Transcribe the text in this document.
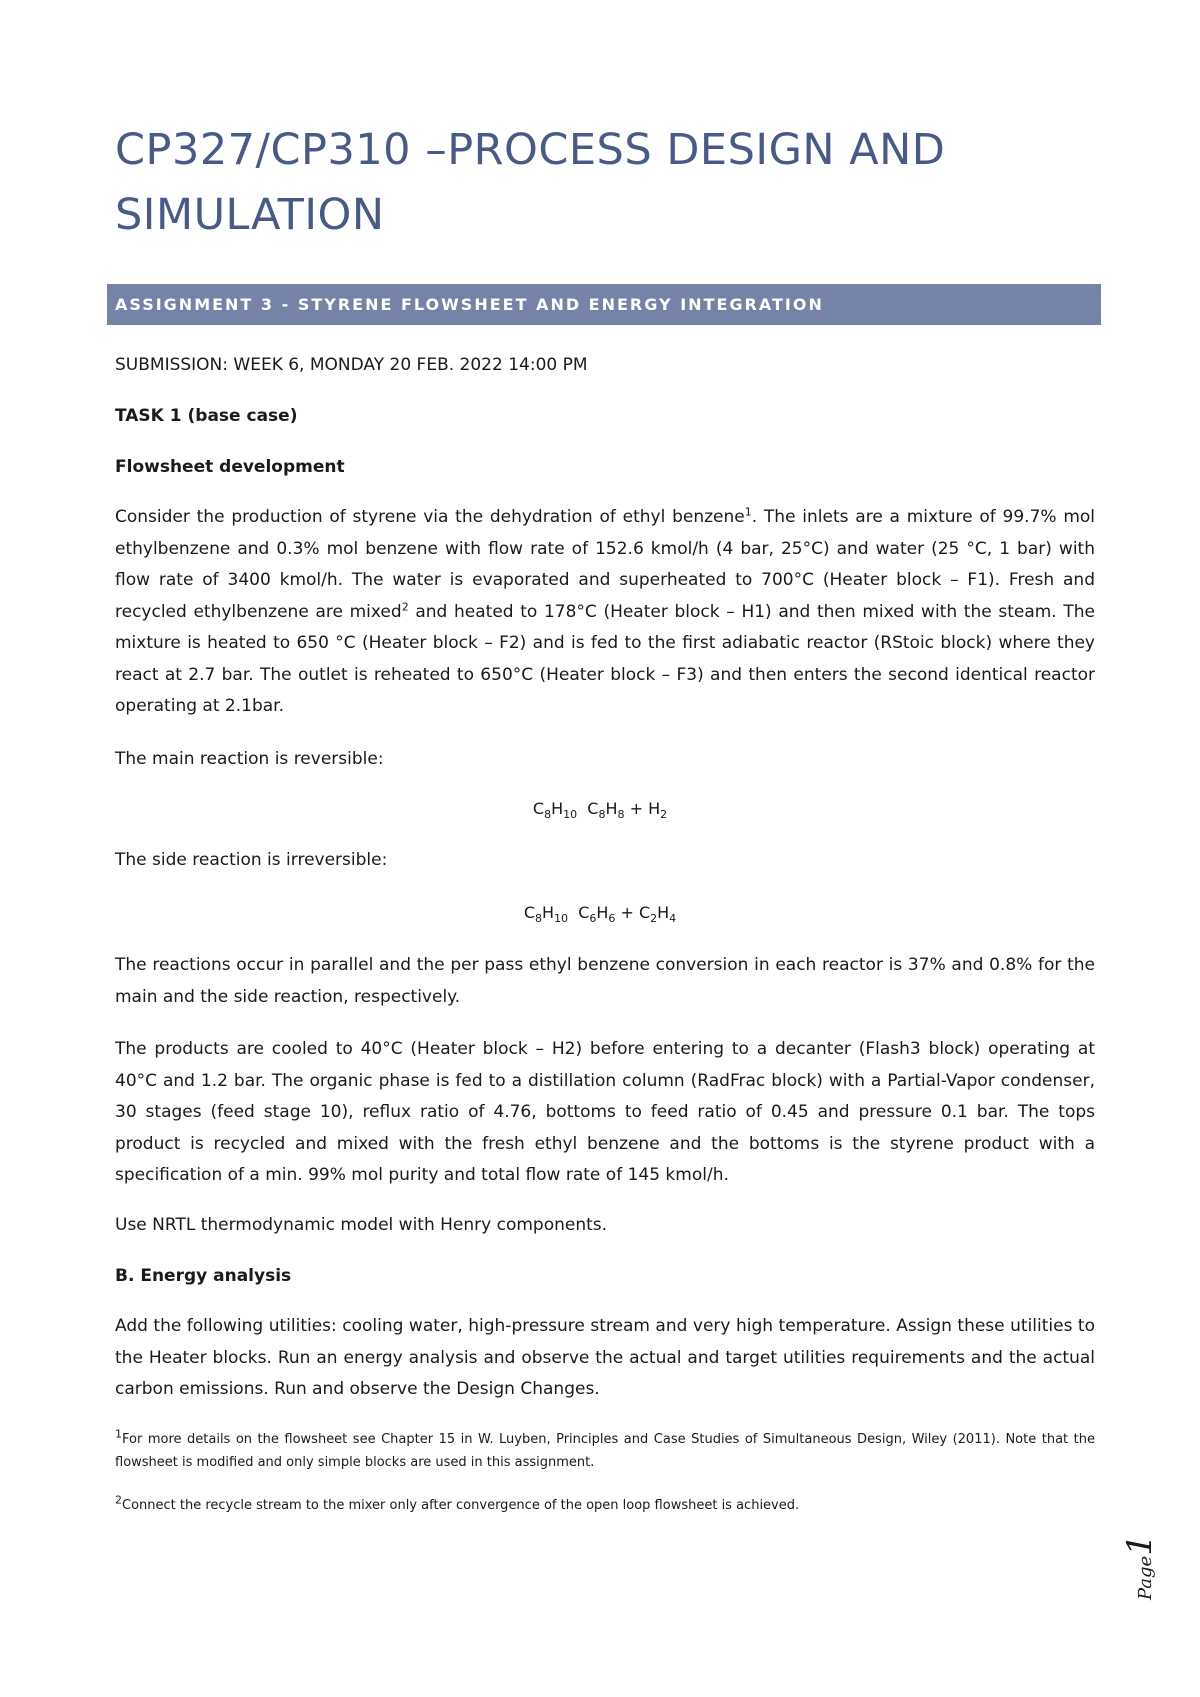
CP327/CP310 –PROCESS DESIGN AND SIMULATION
ASSIGNMENT 3 - STYRENE FLOWSHEET AND ENERGY INTEGRATION
SUBMISSION: WEEK 6, MONDAY 20 FEB. 2022 14:00 PM
TASK 1 (base case)
Flowsheet development

Consider the production of styrene via the dehydration of ethyl benzene$^1$. The inlets are a mixture of 99.7% mol ethylbenzene and 0.3% mol benzene with flow rate of 152.6 kmol/h (4 bar, 25°C) and water (25 °C, 1 bar) with flow rate of 3400 kmol/h. The water is evaporated and superheated to 700°C (Heater block – F1). Fresh and recycled ethylbenzene are mixed$^2$ and heated to 178°C (Heater block – H1) and then mixed with the steam. The mixture is heated to 650 °C (Heater block – F2) and is fed to the first adiabatic reactor (RStoic block) where they react at 2.7 bar. The outlet is reheated to 650°C (Heater block – F3) and then enters the second identical reactor operating at 2.1bar.

The main reaction is reversible:
$C_8H_{10}$ $C_8H_8 + H_2$
The side reaction is irreversible:
$C_8H_{10}$ $C_6H_6 + C_2H_4$

The reactions occur in parallel and the per pass ethyl benzene conversion in each reactor is 37% and 0.8% for the main and the side reaction, respectively.

The products are cooled to 40°C (Heater block – H2) before entering to a decanter (Flash3 block) operating at 40°C and 1.2 bar. The organic phase is fed to a distillation column (RadFrac block) with a Partial-Vapor condenser, 30 stages (feed stage 10), reflux ratio of 4.76, bottoms to feed ratio of 0.45 and pressure 0.1 bar. The tops product is recycled and mixed with the fresh ethyl benzene and the bottoms is the styrene product with a specification of a min. 99% mol purity and total flow rate of 145 kmol/h.

Use NRTL thermodynamic model with Henry components.
B. Energy analysis

Add the following utilities: cooling water, high-pressure stream and very high temperature. Assign these utilities to the Heater blocks. Run an energy analysis and observe the actual and target utilities requirements and the actual carbon emissions. Run and observe the Design Changes.

$^1$For more details on the flowsheet see Chapter 15 in W. Luyben, Principles and Case Studies of Simultaneous Design, Wiley (2011). Note that the flowsheet is modified and only simple blocks are used in this assignment.

$^2$Connect the recycle stream to the mixer only after convergence of the open loop flowsheet is achieved.

Page1
